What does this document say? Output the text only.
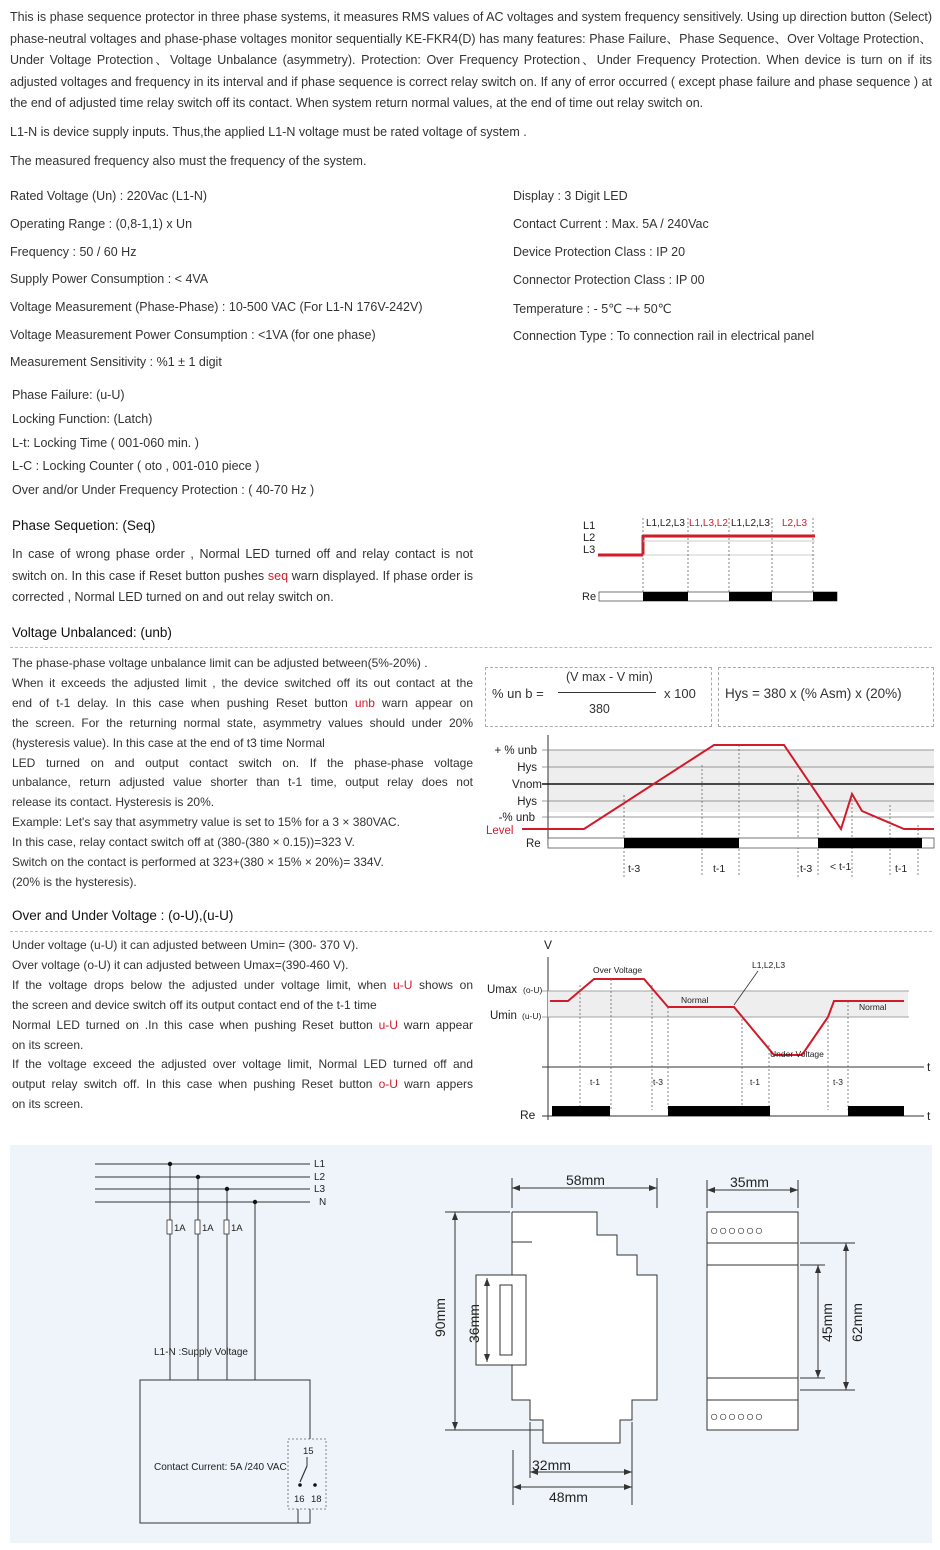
This is phase sequence protector in three phase systems, it measures RMS values of AC voltages and system frequency sensitively. Using up direction button (Select) phase-neutral voltages and phase-phase voltages monitor sequentially KE-FKR4(D) has many features: Phase Failure、Phase Sequence、Over Voltage Protection、Under Voltage Protection、Voltage Unbalance (asymmetry). Protection: Over Frequency Protection、Under Frequency Protection. When device is turn on if its adjusted voltages and frequency in its interval and if phase sequence is correct relay switch on. If any of error occurred ( except phase failure and phase sequence ) at the end of adjusted time relay switch off its contact. When system return normal values, at the end of time out relay switch on.
L1-N is device supply inputs. Thus,the applied L1-N voltage must be rated voltage of system .
The measured frequency also must the frequency of the system.
Rated Voltage (Un) : 220Vac (L1-N)
Operating Range : (0,8-1,1) x Un
Frequency : 50 / 60 Hz
Supply Power Consumption : < 4VA
Voltage Measurement (Phase-Phase) : 10-500 VAC (For L1-N 176V-242V)
Voltage Measurement Power Consumption : <1VA (for one phase)
Measurement Sensitivity : %1 ± 1 digit
Display : 3 Digit LED
Contact Current : Max. 5A / 240Vac
Device Protection Class : IP 20
Connector Protection Class : IP 00
Temperature : - 5℃ ~+ 50℃
Connection Type : To connection rail in electrical panel
Phase Failure: (u-U)
Locking Function: (Latch)
L-t: Locking Time ( 001-060 min. )
L-C : Locking Counter ( oto , 001-010 piece )
Over and/or Under Frequency Protection : ( 40-70 Hz )
Phase Sequetion: (Seq)
In case of wrong phase order , Normal LED turned off and relay contact is not switch on. In this case if Reset button pushes seq warn displayed. If phase order is corrected , Normal LED turned on and out relay switch on.
L1
L2
L3
L1,L2,L3 L1,L3,L2 L1,L2,L3 L2,L3
Re
Voltage Unbalanced: (unb)
The phase-phase voltage unbalance limit can be adjusted between(5%-20%) .
When it exceeds the adjusted limit , the device switched off its out contact at the
end of t-1 delay. In this case when pushing Reset button unb warn appear on
the screen. For the returning normal state, asymmetry values should under 20%
(hysteresis value). In this case at the end of t3 time Normal
LED turned on and output contact switch on. If the phase-phase voltage
unbalance, return adjusted value shorter than t-1 time, output relay does not
release its contact. Hysteresis is 20%.
Example: Let's say that asymmetry value is set to 15% for a 3 × 380VAC.
In this case, relay contact switch off at (380-(380 × 0.15))=323 V.
Switch on the contact is performed at 323+(380 × 15% × 20%)= 334V.
(20% is the hysteresis).
% un b =
(V max - V min)
380
x 100 Hys = 380 x (% Asm) x (20%)
+ % unb
Hys
Vnom
Hys
-% unb
Level
Re
t-3	t-1	t-3 < t-1	t-1
Over and Under Voltage : (o-U),(u-U)
Under voltage (u-U) it can adjusted between Umin= (300- 370 V).
Over voltage (o-U) it can adjusted between Umax=(390-460 V).
If the voltage drops below the adjusted under voltage limit, when u-U shows on
the screen and device switch off its output contact end of the t-1 time
Normal LED turned on .In this case when pushing Reset button u-U warn appear
on its screen.
If the voltage exceed the adjusted over voltage limit, Normal LED turned off and
output relay switch off. In this case when pushing Reset button o-U warn appers
on its screen.
V
t
Umax (o-U)
Umin (u-U)
Over Voltage
Normal
Normal
Under Voltage
L1,L2,L3
t-1	t-3	t-1	t-3
Re	t
1A 1A 1A
L1
L2
L3
N
L1-N :Supply Voltage
Contact Current: 5A /240 VAC
15
16 18
58mm
90mm 36mm
32mm
48mm
35mm
45mm 62mm
○○○○○○
○○○○○○
